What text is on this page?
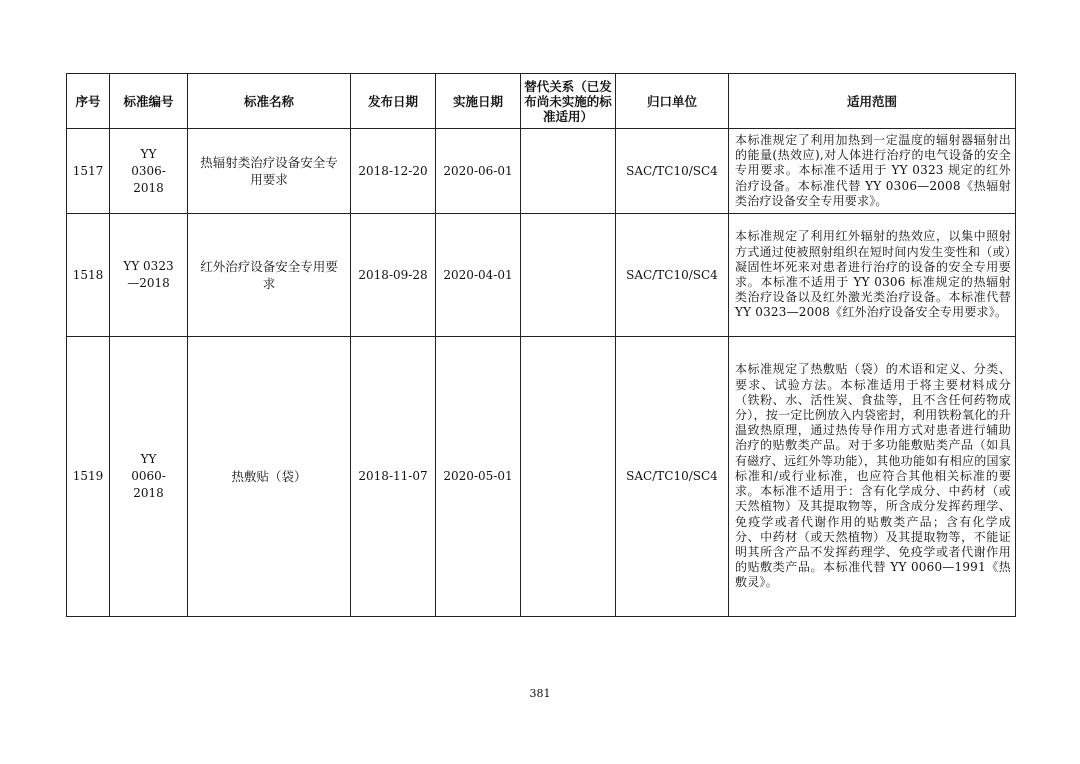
序号	标准编号	标准名称	发布日期	实施日期	替代关系（已发布尚未实施的标准适用）	归口单位	适用范围
1517	YY 0306-2018	热辐射类治疗设备安全专用要求	2018-12-20	2020-06-01		SAC/TC10/SC4	本标准规定了利用加热到一定温度的辐射器辐射出的能量(热效应),对人体进行治疗的电气设备的安全专用要求。本标准不适用于 YY 0323 规定的红外治疗设备。本标准代替 YY 0306—2008《热辐射类治疗设备安全专用要求》。
1518	YY 0323—2018	红外治疗设备安全专用要求	2018-09-28	2020-04-01		SAC/TC10/SC4	本标准规定了利用红外辐射的热效应，以集中照射方式通过使被照射组织在短时间内发生变性和（或）凝固性坏死来对患者进行治疗的设备的安全专用要求。本标准不适用于 YY 0306 标准规定的热辐射类治疗设备以及红外激光类治疗设备。本标准代替 YY 0323—2008《红外治疗设备安全专用要求》。
1519	YY 0060-2018	热敷贴（袋）	2018-11-07	2020-05-01		SAC/TC10/SC4	本标准规定了热敷贴（袋）的术语和定义、分类、要求、试验方法。本标准适用于将主要材料成分（铁粉、水、活性炭、食盐等，且不含任何药物成分），按一定比例放入内袋密封，利用铁粉氧化的升温致热原理，通过热传导作用方式对患者进行辅助治疗的贴敷类产品。对于多功能敷贴类产品（如具有磁疗、远红外等功能），其他功能如有相应的国家标准和/或行业标准，也应符合其他相关标准的要求。本标准不适用于：含有化学成分、中药材（或天然植物）及其提取物等，所含成分发挥药理学、免疫学或者代谢作用的贴敷类产品；含有化学成分、中药材（或天然植物）及其提取物等，不能证明其所含产品不发挥药理学、免疫学或者代谢作用的贴敷类产品。本标准代替 YY 0060—1991《热敷灵》。
381
